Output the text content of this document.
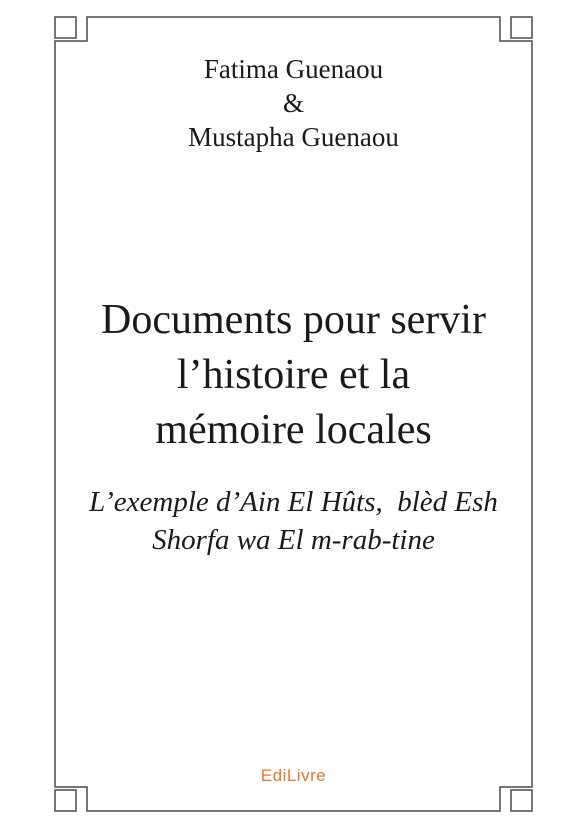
Fatima Guenaou
&
Mustapha Guenaou
Documents pour servir
l’histoire et la
mémoire locales
L’exemple d’Ain El Hûts,  blèd Esh
Shorfa wa El m-rab-tine
EdiLivre
